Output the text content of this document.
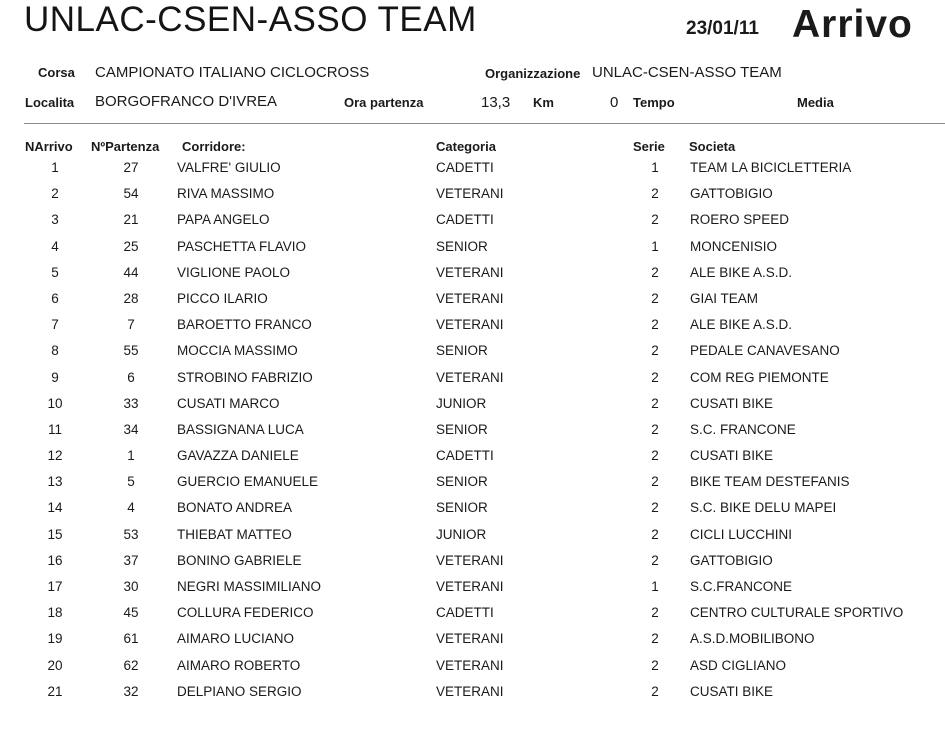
UNLAC-CSEN-ASSO TEAM	23/01/11 Arrivo
Corsa CAMPIONATO ITALIANO CICLOCROSS	Organizzazione UNLAC-CSEN-ASSO TEAM
Localita BORGOFRANCO D'IVREA	Ora partenza	13,3 Km	0 Tempo	Media
NArrivo NºPartenza Corridore:	Categoria	Serie Societa
1	27	VALFRE' GIULIO	CADETTI	1	TEAM LA BICICLETTERIA
2	54	RIVA MASSIMO	VETERANI	2	GATTOBIGIO
3	21	PAPA ANGELO	CADETTI	2	ROERO SPEED
4	25	PASCHETTA FLAVIO	SENIOR	1	MONCENISIO
5	44	VIGLIONE PAOLO	VETERANI	2	ALE BIKE A.S.D.
6	28	PICCO ILARIO	VETERANI	2	GIAI TEAM
7	7	BAROETTO FRANCO	VETERANI	2	ALE BIKE A.S.D.
8	55	MOCCIA MASSIMO	SENIOR	2	PEDALE CANAVESANO
9	6	STROBINO FABRIZIO	VETERANI	2	COM REG PIEMONTE
10	33	CUSATI MARCO	JUNIOR	2	CUSATI BIKE
11	34	BASSIGNANA LUCA	SENIOR	2	S.C. FRANCONE
12	1	GAVAZZA DANIELE	CADETTI	2	CUSATI BIKE
13	5	GUERCIO EMANUELE	SENIOR	2	BIKE TEAM DESTEFANIS
14	4	BONATO ANDREA	SENIOR	2	S.C. BIKE DELU MAPEI
15	53	THIEBAT MATTEO	JUNIOR	2	CICLI LUCCHINI
16	37	BONINO GABRIELE	VETERANI	2	GATTOBIGIO
17	30	NEGRI MASSIMILIANO	VETERANI	1	S.C.FRANCONE
18	45	COLLURA FEDERICO	CADETTI	2	CENTRO CULTURALE SPORTIVO
19	61	AIMARO LUCIANO	VETERANI	2	A.S.D.MOBILIBONO
20	62	AIMARO ROBERTO	VETERANI	2	ASD CIGLIANO
21	32	DELPIANO SERGIO	VETERANI	2	CUSATI BIKE
